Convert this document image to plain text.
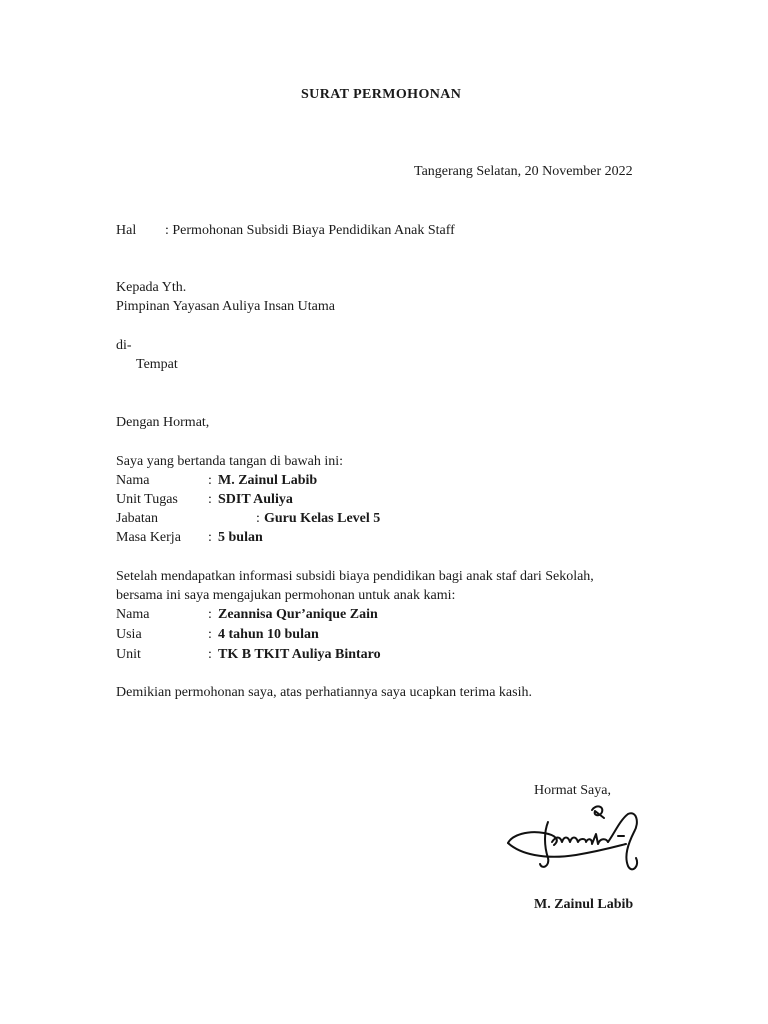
SURAT PERMOHONAN
Tangerang Selatan, 20 November 2022
Hal : Permohonan Subsidi Biaya Pendidikan Anak Staff
Kepada Yth.
Pimpinan Yayasan Auliya Insan Utama
di-
Tempat
Dengan Hormat,
Saya yang bertanda tangan di bawah ini:
Nama	: M. Zainul Labib
Unit Tugas : SDIT Auliya
Jabatan	: Guru Kelas Level 5
Masa Kerja : 5 bulan
Setelah mendapatkan informasi subsidi biaya pendidikan bagi anak staf dari Sekolah,
bersama ini saya mengajukan permohonan untuk anak kami:
Nama	: Zeannisa Qur’anique Zain
Usia	: 4 tahun 10 bulan
Unit	: TK B TKIT Auliya Bintaro
Demikian permohonan saya, atas perhatiannya saya ucapkan terima kasih.
Hormat Saya,
M. Zainul Labib
